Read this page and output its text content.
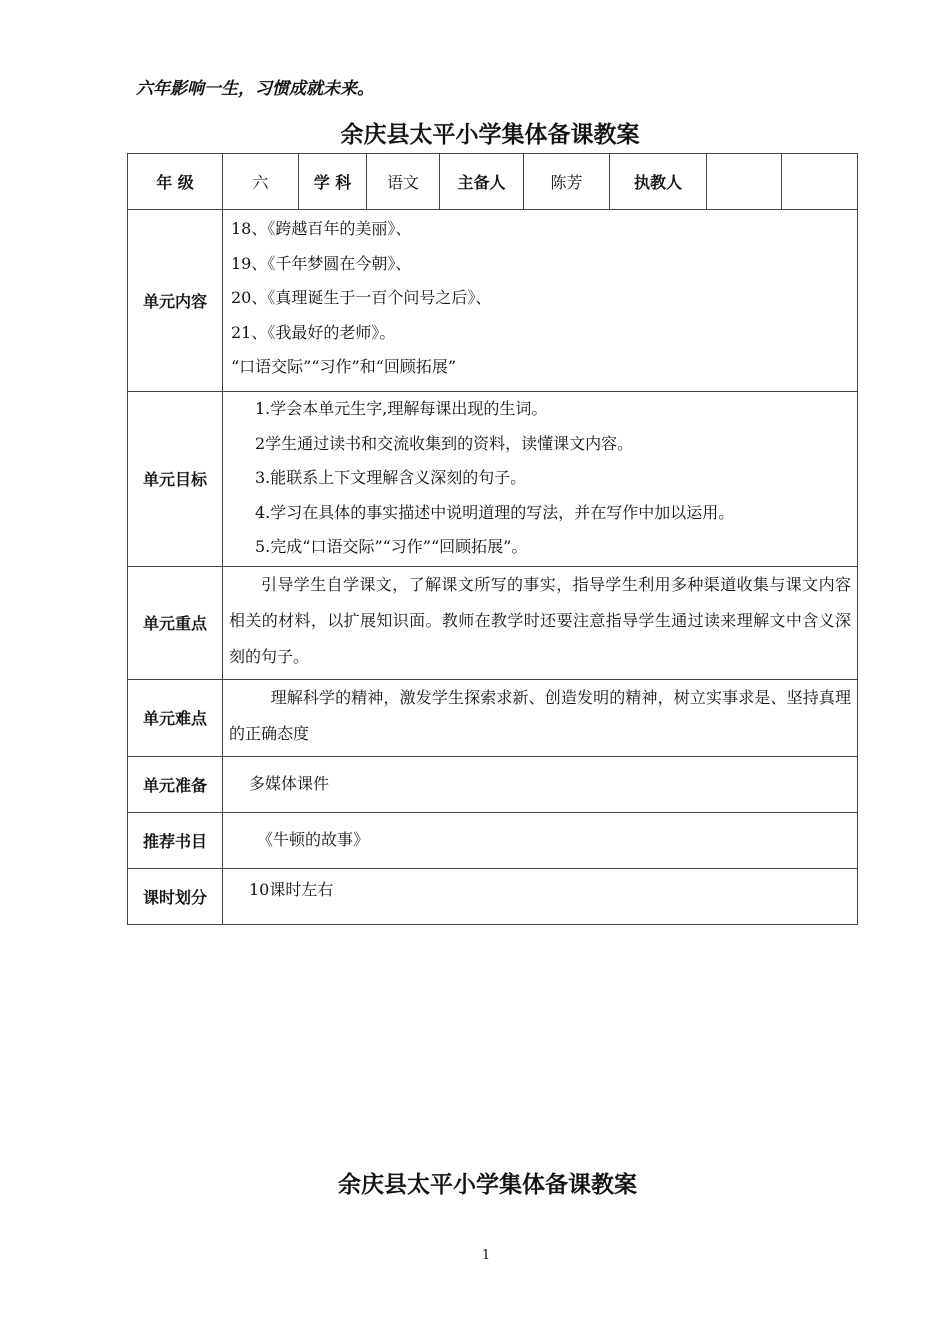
六年影响一生，习惯成就未来。
余庆县太平小学集体备课教案
年 级	六	学 科	语文	主备人	陈芳	执教人		
单元内容	18、《跨越百年的美丽》、
19、《千年梦圆在今朝》、
20、《真理诞生于一百个问号之后》、
21、《我最好的老师》。
“口语交际”“习作”和“回顾拓展”							

单元目标	1.学会本单元生字,理解每课出现的生词。
2学生通过读书和交流收集到的资料，读懂课文内容。
3.能联系上下文理解含义深刻的句子。
4.学习在具体的事实描述中说明道理的写法，并在写作中加以运用。
5.完成“口语交际”“习作”“回顾拓展”。							

单元重点	引导学生自学课文，了解课文所写的事实，指导学生利用多种渠道收集与课文内容相关的材料，以扩展知识面。教师在教学时还要注意指导学生通过读来理解文中含义深刻的句子。							

单元难点	理解科学的精神，激发学生探索求新、创造发明的精神，树立实事求是、坚持真理的正确态度							

单元准备	多媒体课件							

推荐书目	《牛顿的故事》							

课时划分	10课时左右							
余庆县太平小学集体备课教案
1
